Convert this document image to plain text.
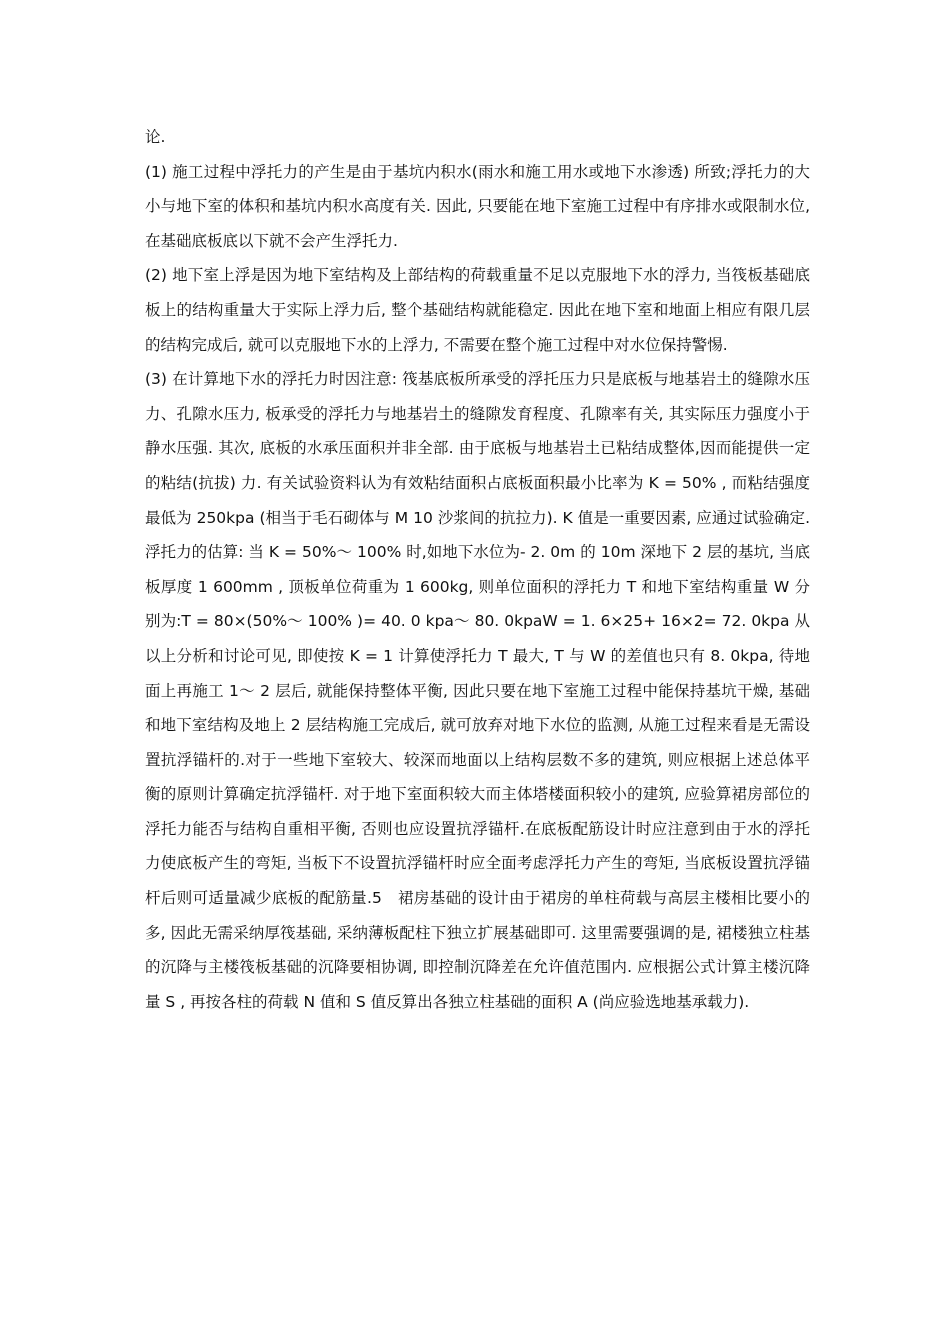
论.

(1) 施工过程中浮托力的产生是由于基坑内积水(雨水和施工用水或地下水渗透) 所致;浮托力的大小与地下室的体积和基坑内积水高度有关. 因此, 只要能在地下室施工过程中有序排水或限制水位, 在基础底板底以下就不会产生浮托力.

(2) 地下室上浮是因为地下室结构及上部结构的荷载重量不足以克服地下水的浮力, 当筏板基础底板上的结构重量大于实际上浮力后, 整个基础结构就能稳定. 因此在地下室和地面上相应有限几层的结构完成后, 就可以克服地下水的上浮力, 不需要在整个施工过程中对水位保持警惕.

(3) 在计算地下水的浮托力时因注意: 筏基底板所承受的浮托压力只是底板与地基岩土的缝隙水压力、孔隙水压力, 板承受的浮托力与地基岩土的缝隙发育程度、孔隙率有关, 其实际压力强度小于静水压强. 其次, 底板的水承压面积并非全部. 由于底板与地基岩土已粘结成整体,因而能提供一定的粘结(抗拔) 力. 有关试验资料认为有效粘结面积占底板面积最小比率为 K = 50% , 而粘结强度最低为 250kpa (相当于毛石砌体与 M 10 沙浆间的抗拉力). K 值是一重要因素, 应通过试验确定.浮托力的估算: 当 K = 50%～ 100% 时,如地下水位为- 2. 0m 的 10m 深地下 2 层的基坑, 当底板厚度 1 600mm , 顶板单位荷重为 1 600kg, 则单位面积的浮托力 T 和地下室结构重量 W 分别为:T = 80×(50%～ 100% )= 40. 0 kpa～ 80. 0kpaW = 1. 6×25+ 16×2= 72. 0kpa 从以上分析和讨论可见, 即使按 K = 1 计算使浮托力 T 最大, T 与 W 的差值也只有 8. 0kpa, 待地面上再施工 1～ 2 层后, 就能保持整体平衡, 因此只要在地下室施工过程中能保持基坑干燥, 基础和地下室结构及地上 2 层结构施工完成后, 就可放弃对地下水位的监测, 从施工过程来看是无需设置抗浮锚杆的.对于一些地下室较大、较深而地面以上结构层数不多的建筑, 则应根据上述总体平衡的原则计算确定抗浮锚杆. 对于地下室面积较大而主体塔楼面积较小的建筑, 应验算裙房部位的浮托力能否与结构自重相平衡, 否则也应设置抗浮锚杆.在底板配筋设计时应注意到由于水的浮托力使底板产生的弯矩, 当板下不设置抗浮锚杆时应全面考虑浮托力产生的弯矩, 当底板设置抗浮锚杆后则可适量减少底板的配筋量.5　裙房基础的设计由于裙房的单柱荷载与高层主楼相比要小的多, 因此无需采纳厚筏基础, 采纳薄板配柱下独立扩展基础即可. 这里需要强调的是, 裙楼独立柱基的沉降与主楼筏板基础的沉降要相协调, 即控制沉降差在允许值范围内. 应根据公式计算主楼沉降量 S , 再按各柱的荷载 N 值和 S 值反算出各独立柱基础的面积 A (尚应验选地基承载力).
